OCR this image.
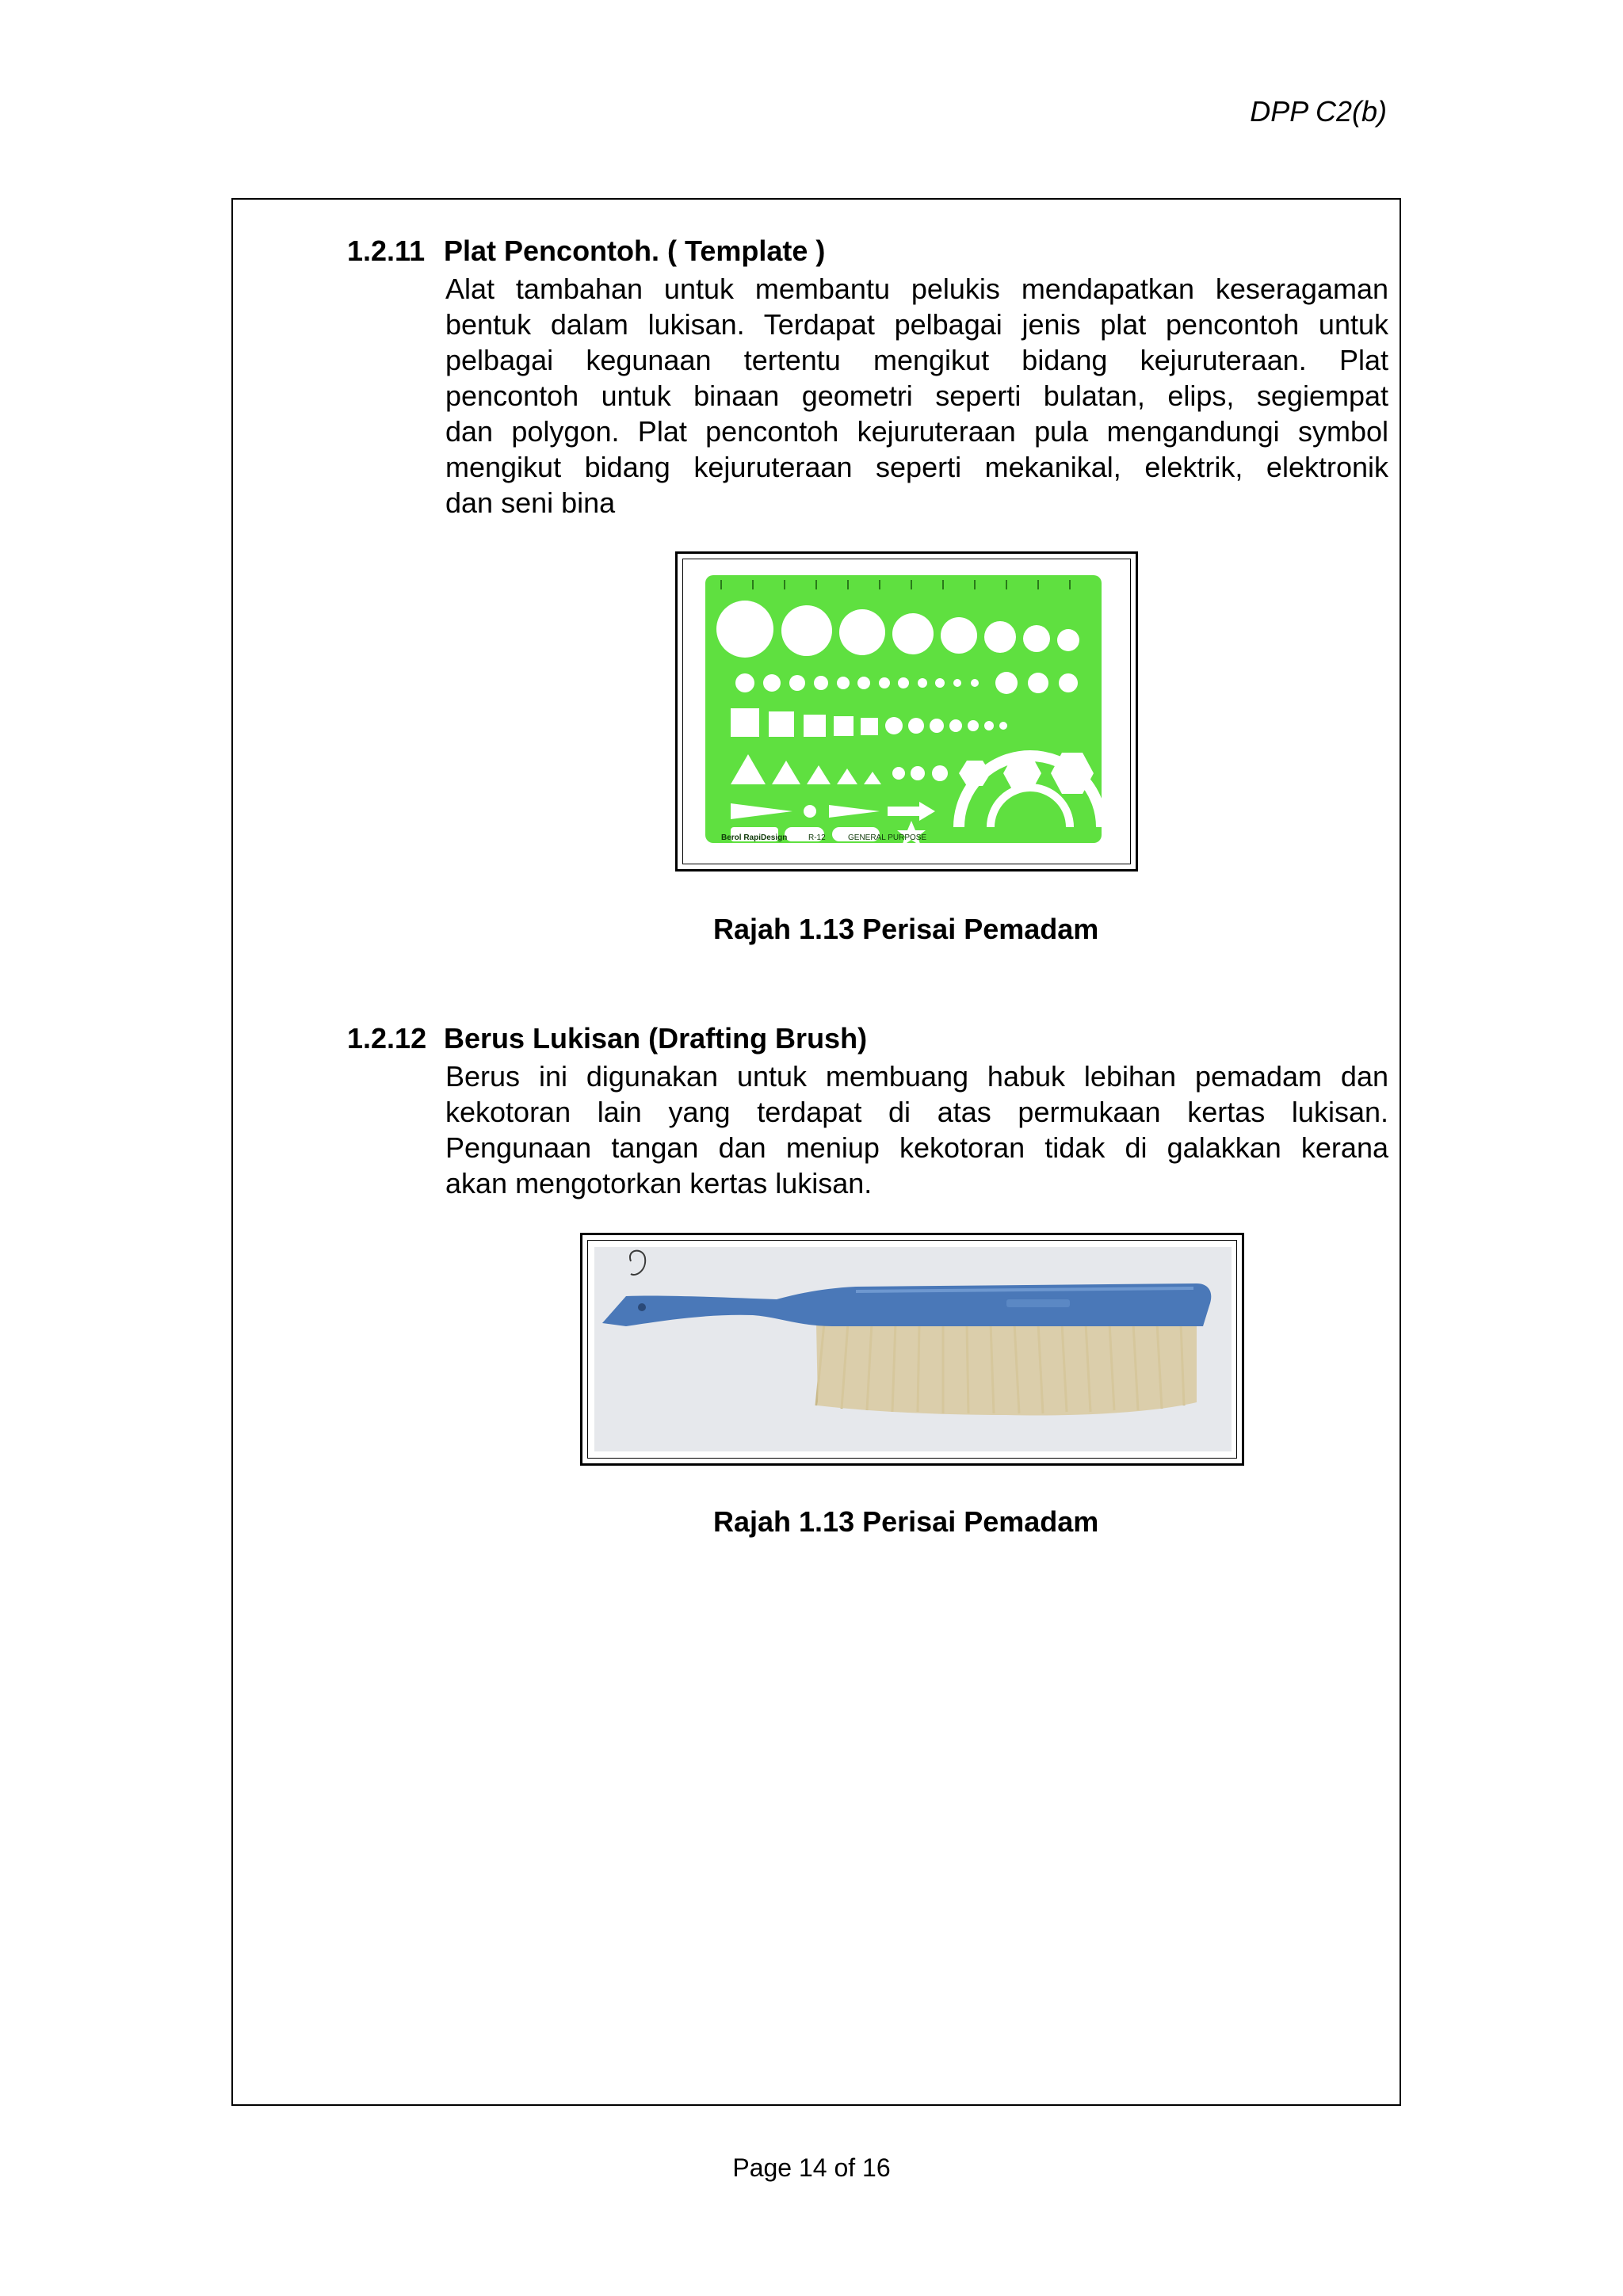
DPP C2(b)
1.2.11 Plat Pencontoh. ( Template )
Alat tambahan untuk membantu pelukis mendapatkan keseragaman
bentuk dalam lukisan. Terdapat pelbagai jenis plat pencontoh untuk
pelbagai kegunaan tertentu mengikut bidang kejuruteraan. Plat
pencontoh untuk binaan geometri seperti bulatan, elips, segiempat
dan polygon. Plat pencontoh kejuruteraan pula mengandungi symbol
mengikut bidang kejuruteraan seperti mekanikal, elektrik, elektronik
dan seni bina
Berol RapiDesign	R-12	GENERAL PURPOSE
Rajah 1.13 Perisai Pemadam
1.2.12 Berus Lukisan (Drafting Brush)
Berus ini digunakan untuk membuang habuk lebihan pemadam dan
kekotoran lain yang terdapat di atas permukaan kertas lukisan.
Pengunaan tangan dan meniup kekotoran tidak di galakkan kerana
akan mengotorkan kertas lukisan.
Rajah 1.13 Perisai Pemadam
Page 14 of 16
